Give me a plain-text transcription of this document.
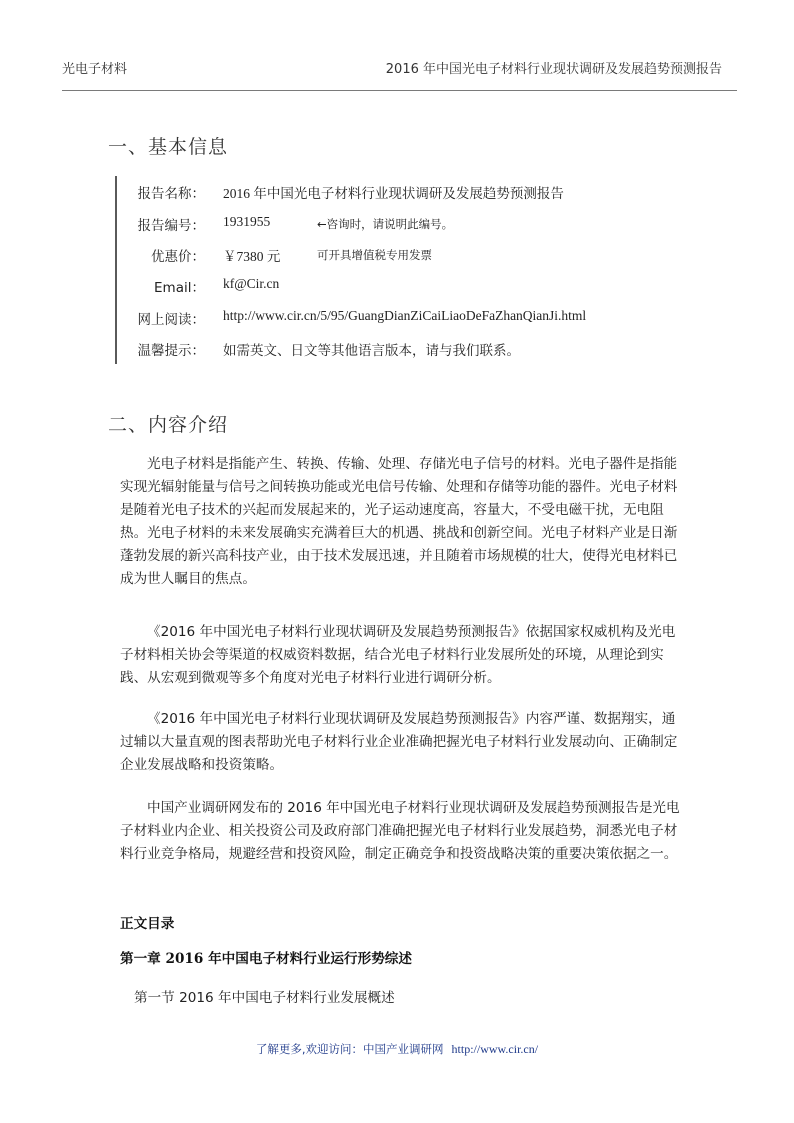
光电子材料	2016 年中国光电子材料行业现状调研及发展趋势预测报告
一、基本信息
报告名称： 2016 年中国光电子材料行业现状调研及发展趋势预测报告
报告编号： 1931955	←咨询时，请说明此编号。
优惠价： ￥7380 元	可开具增值税专用发票
Email： kf@Cir.cn
网上阅读： http://www.cir.cn/5/95/GuangDianZiCaiLiaoDeFaZhanQianJi.html
温馨提示： 如需英文、日文等其他语言版本，请与我们联系。
二、内容介绍
光电子材料是指能产生、转换、传输、处理、存储光电子信号的材料。光电子器件是指能实现光辐射能量与信号之间转换功能或光电信号传输、处理和存储等功能的器件。光电子材料是随着光电子技术的兴起而发展起来的，光子运动速度高，容量大，不受电磁干扰，无电阻热。光电子材料的未来发展确实充满着巨大的机遇、挑战和创新空间。光电子材料产业是日渐蓬勃发展的新兴高科技产业，由于技术发展迅速，并且随着市场规模的壮大，使得光电材料已成为世人瞩目的焦点。
《2016 年中国光电子材料行业现状调研及发展趋势预测报告》依据国家权威机构及光电子材料相关协会等渠道的权威资料数据，结合光电子材料行业发展所处的环境，从理论到实践、从宏观到微观等多个角度对光电子材料行业进行调研分析。
《2016 年中国光电子材料行业现状调研及发展趋势预测报告》内容严谨、数据翔实，通过辅以大量直观的图表帮助光电子材料行业企业准确把握光电子材料行业发展动向、正确制定企业发展战略和投资策略。
中国产业调研网发布的 2016 年中国光电子材料行业现状调研及发展趋势预测报告是光电子材料业内企业、相关投资公司及政府部门准确把握光电子材料行业发展趋势，洞悉光电子材料行业竞争格局，规避经营和投资风险，制定正确竞争和投资战略决策的重要决策依据之一。
正文目录
第一章 2016 年中国电子材料行业运行形势综述
第一节 2016 年中国电子材料行业发展概述
了解更多,欢迎访问：中国产业调研网 http://www.cir.cn/
